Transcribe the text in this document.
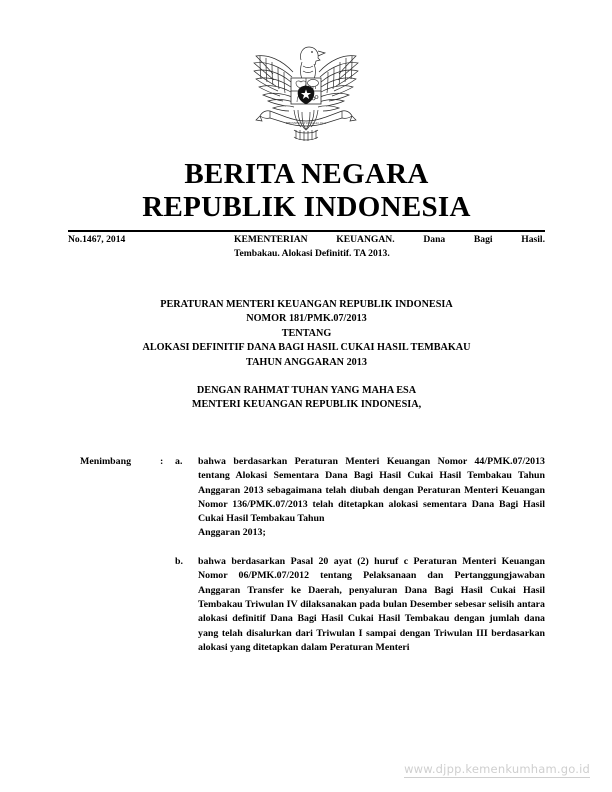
BHINNEKA TUNGGAL IKA
BERITA NEGARA
REPUBLIK INDONESIA
No.1467, 2014	KEMENTERIAN KEUANGAN. Dana Bagi Hasil.
Tembakau. Alokasi Definitif. TA 2013.
PERATURAN MENTERI KEUANGAN REPUBLIK INDONESIA
NOMOR 181/PMK.07/2013
TENTANG
ALOKASI DEFINITIF DANA BAGI HASIL CUKAI HASIL TEMBAKAU
TAHUN ANGGARAN 2013
DENGAN RAHMAT TUHAN YANG MAHA ESA
MENTERI KEUANGAN REPUBLIK INDONESIA,
Menimbang	: a. bahwa berdasarkan Peraturan Menteri Keuangan Nomor 44/PMK.07/2013 tentang Alokasi Sementara Dana Bagi Hasil Cukai Hasil Tembakau Tahun Anggaran 2013 sebagaimana telah diubah dengan Peraturan Menteri Keuangan Nomor 136/PMK.07/2013 telah ditetapkan alokasi sementara Dana Bagi Hasil Cukai Hasil Tembakau Tahun

Anggaran 2013;

b. bahwa berdasarkan Pasal 20 ayat (2) huruf c Peraturan Menteri Keuangan Nomor 06/PMK.07/2012 tentang Pelaksanaan dan Pertanggungjawaban Anggaran Transfer ke Daerah, penyaluran Dana Bagi Hasil Cukai Hasil Tembakau Triwulan IV dilaksanakan pada bulan Desember sebesar selisih antara alokasi definitif Dana Bagi Hasil Cukai Hasil Tembakau dengan jumlah dana yang telah disalurkan dari Triwulan I sampai dengan Triwulan III berdasarkan alokasi yang ditetapkan dalam Peraturan Menteri

www.djpp.kemenkumham.go.id
